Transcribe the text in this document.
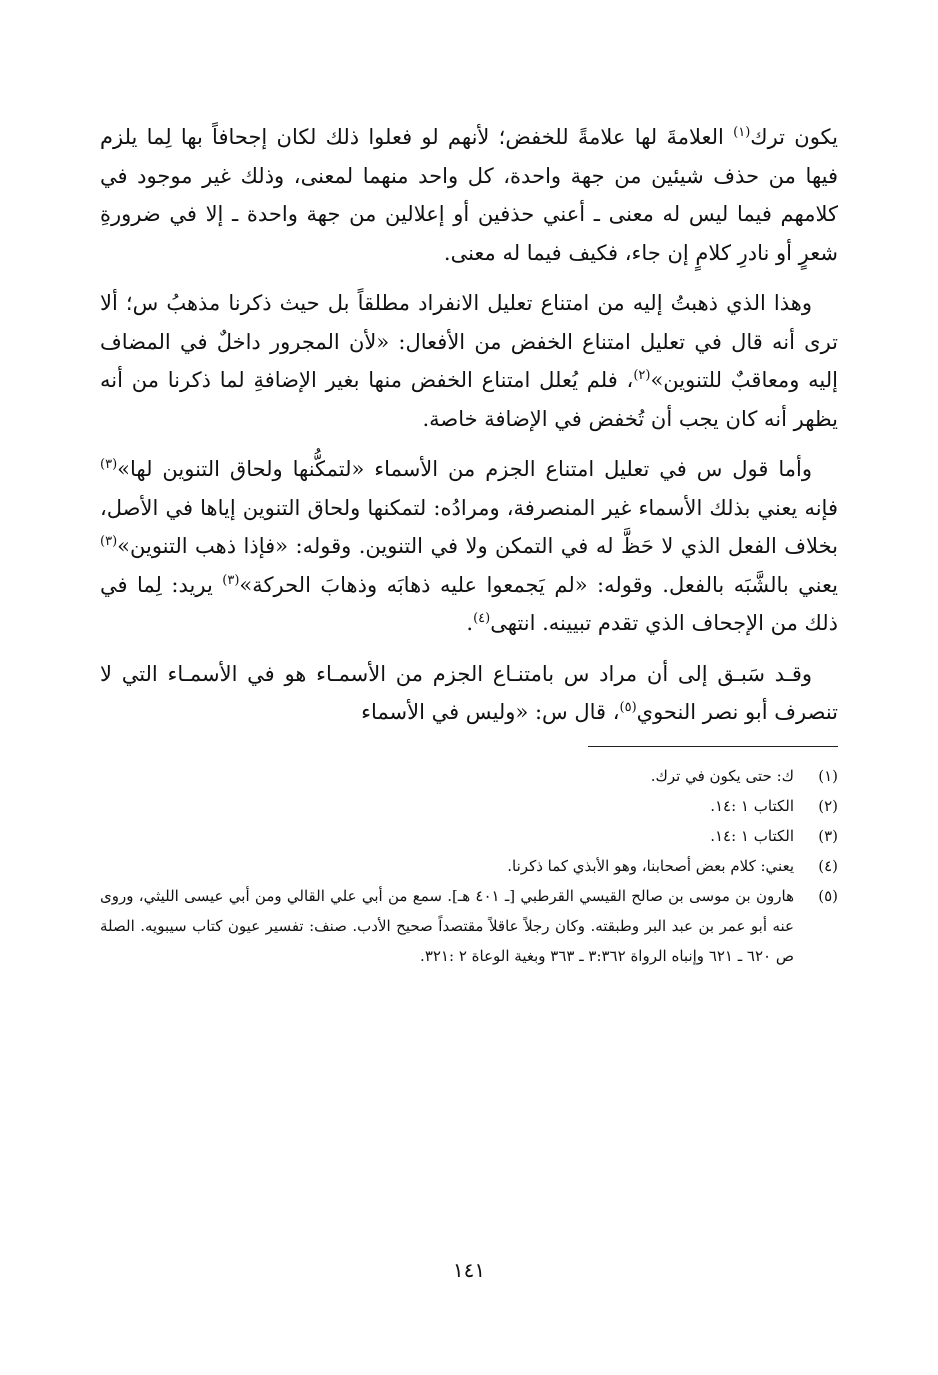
يكون ترك$^{(١)}$ العلامةَ لها علامةً للخفض؛ لأنهم لو فعلوا ذلك لكان إجحافاً بها لِما يلزم فيها من حذف شيئين من جهة واحدة، كل واحد منهما لمعنى، وذلك غير موجود في كلامهم فيما ليس له معنى ـ أعني حذفين أو إعلالين من جهة واحدة ـ إلا في ضرورةِ شعرٍ أو نادرِ كلامٍ إن جاء، فكيف فيما له معنى.

وهذا الذي ذهبتُ إليه من امتناع تعليل الانفراد مطلقاً بل حيث ذكرنا مذهبُ س؛ ألا ترى أنه قال في تعليل امتناع الخفض من الأفعال: «لأن المجرور داخلٌ في المضاف إليه ومعاقبٌ للتنوين»$^{(٢)}$، فلم يُعلل امتناع الخفض منها بغير الإضافةِ لما ذكرنا من أنه يظهر أنه كان يجب أن تُخفض في الإضافة خاصة.

وأما قول س في تعليل امتناع الجزم من الأسماء «لتمكُّنها ولحاق التنوين لها»$^{(٣)}$ فإنه يعني بذلك الأسماء غير المنصرفة، ومرادُه: لتمكنها ولحاق التنوين إياها في الأصل، بخلاف الفعل الذي لا حَظَّ له في التمكن ولا في التنوين. وقوله: «فإذا ذهب التنوين»$^{(٣)}$ يعني بالشَّبَه بالفعل. وقوله: «لم يَجمعوا عليه ذهابَه وذهابَ الحركة»$^{(٣)}$ يريد: لِما في ذلك من الإجحاف الذي تقدم تبيينه. انتهى$^{(٤)}$.

وقـد سَبـق إلى أن مراد س بامتنـاع الجزم من الأسمـاء هو في الأسمـاء التي لا تنصرف أبو نصر النحوي$^{(٥)}$، قال س: «وليس في الأسماء

(١)
ك: حتى يكون في ترك.
(٢)
الكتاب ١ :١٤.
(٣)
الكتاب ١ :١٤.
(٤)
يعني: كلام بعض أصحابنا، وهو الأبذي كما ذكرنا.
(٥)
هارون بن موسى بن صالح القيسي القرطبي [ـ ٤٠١ هـ]. سمع من أبي علي القالي ومن أبي عيسى الليثي، وروى عنه أبو عمر بن عبد البر وطبقته. وكان رجلاً عاقلاً مقتصداً صحيح الأدب. صنف: تفسير عيون كتاب سيبويه. الصلة ص ٦٢٠ ـ ٦٢١ وإنباه الرواة ٣:٣٦٢ ـ ٣٦٣ وبغية الوعاة ٢ :٣٢١.
١٤١
